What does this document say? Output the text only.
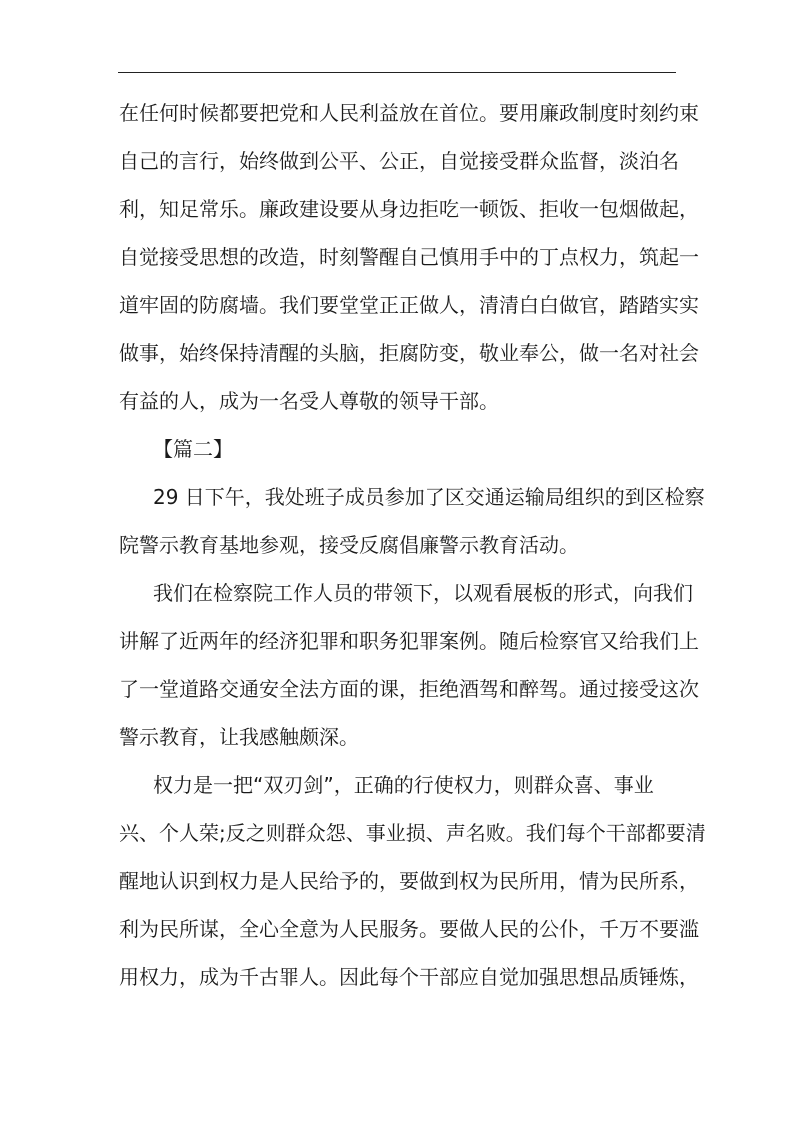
在任何时候都要把党和人民利益放在首位。要用廉政制度时刻约束
自己的言行，始终做到公平、公正，自觉接受群众监督，淡泊名
利，知足常乐。廉政建设要从身边拒吃一顿饭、拒收一包烟做起，
自觉接受思想的改造，时刻警醒自己慎用手中的丁点权力，筑起一
道牢固的防腐墙。我们要堂堂正正做人，清清白白做官，踏踏实实
做事，始终保持清醒的头脑，拒腐防变，敬业奉公，做一名对社会
有益的人，成为一名受人尊敬的领导干部。
【篇二】
29 日下午，我处班子成员参加了区交通运输局组织的到区检察
院警示教育基地参观，接受反腐倡廉警示教育活动。
我们在检察院工作人员的带领下，以观看展板的形式，向我们
讲解了近两年的经济犯罪和职务犯罪案例。随后检察官又给我们上
了一堂道路交通安全法方面的课，拒绝酒驾和醉驾。通过接受这次
警示教育，让我感触颇深。
权力是一把“双刃剑”，正确的行使权力，则群众喜、事业
兴、个人荣;反之则群众怨、事业损、声名败。我们每个干部都要清
醒地认识到权力是人民给予的，要做到权为民所用，情为民所系，
利为民所谋，全心全意为人民服务。要做人民的公仆，千万不要滥
用权力，成为千古罪人。因此每个干部应自觉加强思想品质锤炼，
